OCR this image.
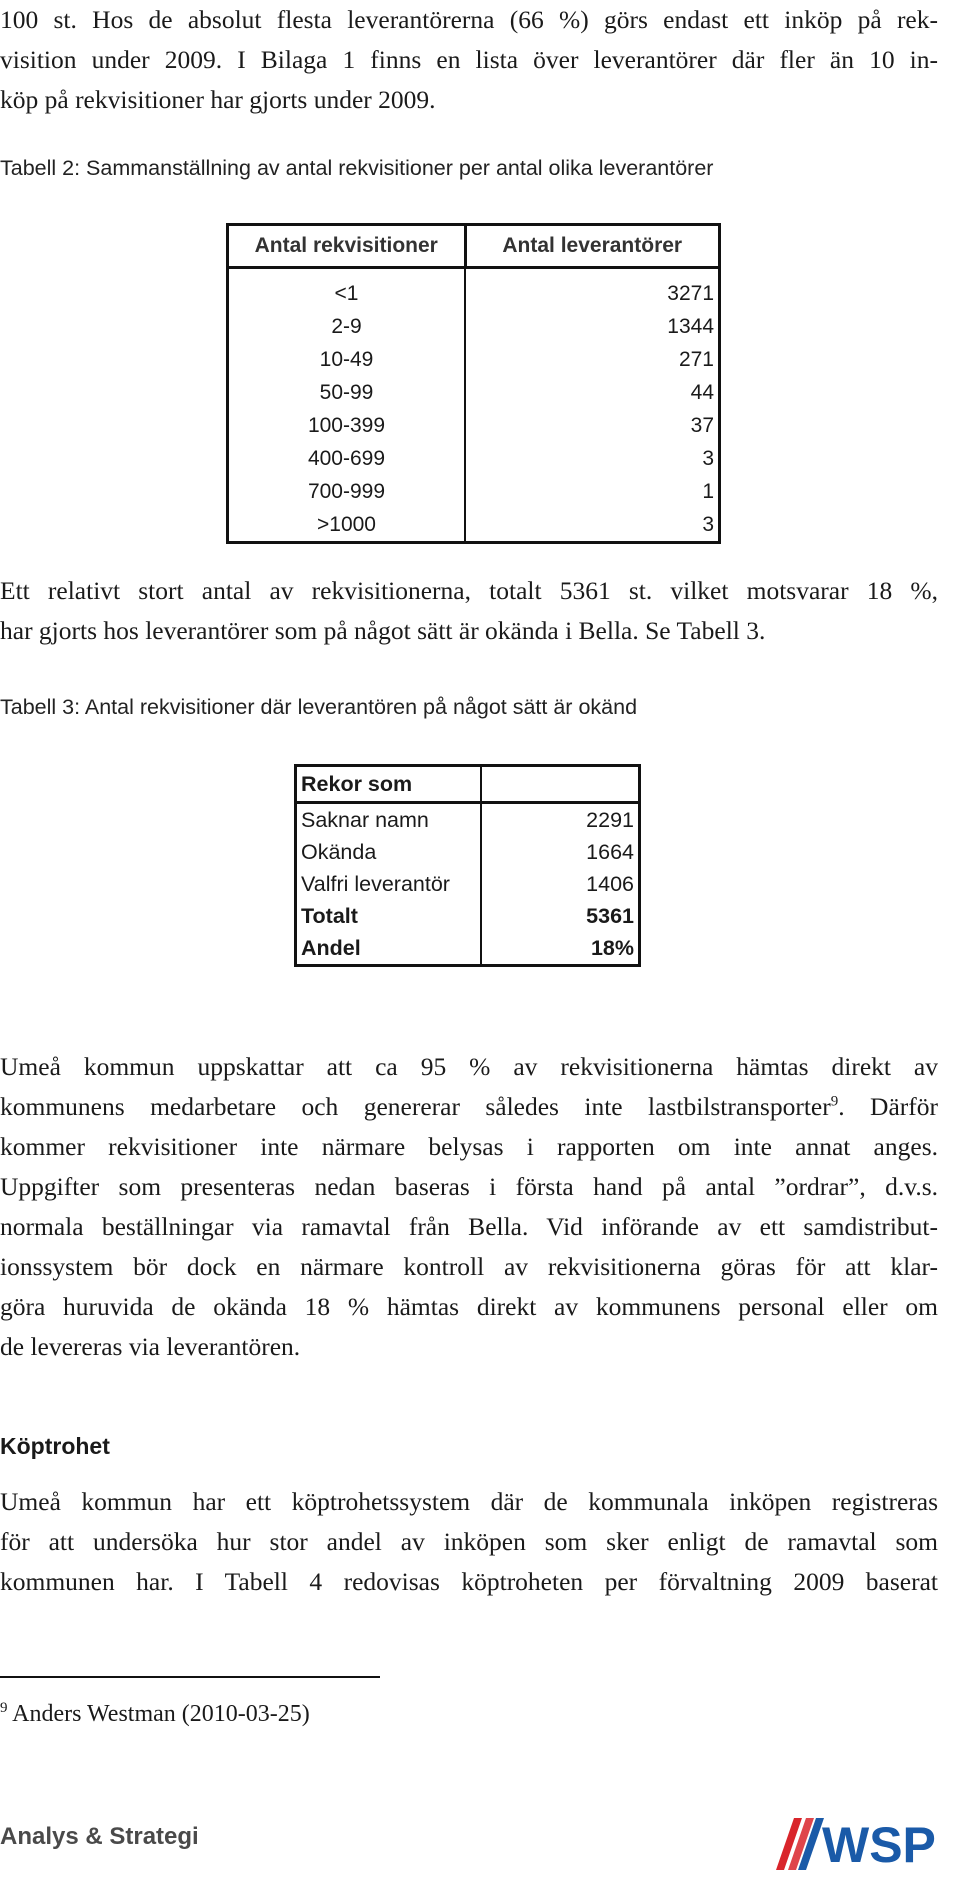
100 st. Hos de absolut flesta leverantörerna (66 %) görs endast ett inköp på rek-
visition under 2009. I Bilaga 1 finns en lista över leverantörer där fler än 10 in-
köp på rekvisitioner har gjorts under 2009.
Tabell 2: Sammanställning av antal rekvisitioner per antal olika leverantörer
Antal rekvisitioner	Antal leverantörer
<1	3271
2-9	1344
10-49	271
50-99	44
100-399	37
400-699	3
700-999	1
>1000	3
Ett relativt stort antal av rekvisitionerna, totalt 5361 st. vilket motsvarar 18 %,
har gjorts hos leverantörer som på något sätt är okända i Bella. Se Tabell 3.
Tabell 3: Antal rekvisitioner där leverantören på något sätt är okänd
Rekor som	
Saknar namn	2291
Okända	1664
Valfri leverantör	1406
Totalt	5361
Andel	18%
Umeå kommun uppskattar att ca 95 % av rekvisitionerna hämtas direkt av
kommunens medarbetare och genererar således inte lastbilstransporter$^9$. Därför
kommer rekvisitioner inte närmare belysas i rapporten om inte annat anges.
Uppgifter som presenteras nedan baseras i första hand på antal ”ordrar”, d.v.s.
normala beställningar via ramavtal från Bella. Vid införande av ett samdistribut-
ionssystem bör dock en närmare kontroll av rekvisitionerna göras för att klar-
göra huruvida de okända 18 % hämtas direkt av kommunens personal eller om
de levereras via leverantören.
Köptrohet
Umeå kommun har ett köptrohetssystem där de kommunala inköpen registreras
för att undersöka hur stor andel av inköpen som sker enligt de ramavtal som
kommunen har. I Tabell 4 redovisas köptroheten per förvaltning 2009 baserat
$^9$ Anders Westman (2010-03-25)
Analys & Strategi	WSP
